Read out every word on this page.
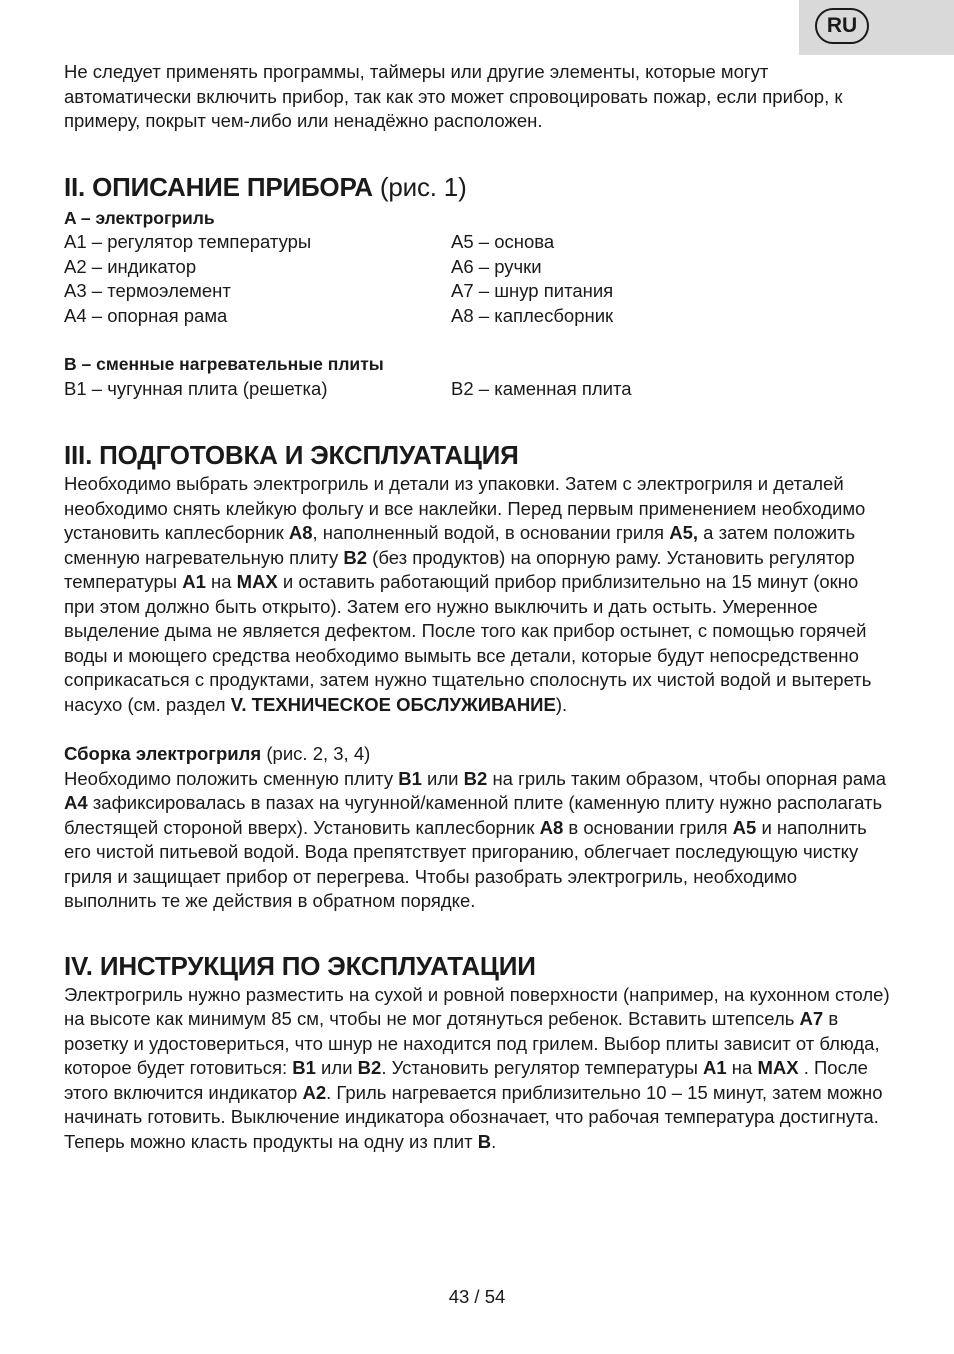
RU

Не следует применять программы, таймеры или другие элементы, которые могут автоматически включить прибор, так как это может спровоцировать пожар, если прибор, к примеру, покрыт чем-либо или ненадёжно расположен.

II. ОПИСАНИЕ ПРИБОРА (рис. 1)

A – электрогриль

A1 – регулятор температуры	A5 – основа
A2 – индикатор	A6 – ручки
A3 – термоэлемент	A7 – шнур питания
A4 – опорная рама	A8 – каплесборник

B – сменные нагревательные плиты

B1 – чугунная плита (решетка)	B2 – каменная плита
III. ПОДГОТОВКА И ЭКСПЛУАТАЦИЯ

Необходимо выбрать электрогриль и детали из упаковки. Затем с электрогриля и деталей необходимо снять клейкую фольгу и все наклейки. Перед первым применением необходимо установить каплесборник A8, наполненный водой, в основании гриля A5, а затем положить сменную нагревательную плиту B2 (без продуктов) на опорную раму. Установить регулятор температуры A1 на MAX и оставить работающий прибор приблизительно на 15 минут (окно при этом должно быть открыто). Затем его нужно выключить и дать остыть. Умеренное выделение дыма не является дефектом. После того как прибор остынет, с помощью горячей воды и моющего средства необходимо вымыть все детали, которые будут непосредственно соприкасаться с продуктами, затем нужно тщательно сполоснуть их чистой водой и вытереть насухо (см. раздел V. ТЕХНИЧЕСКОЕ ОБСЛУЖИВАНИЕ).

Сборка электрогриля (рис. 2, 3, 4)

Необходимо положить сменную плиту B1 или B2 на гриль таким образом, чтобы опорная рама A4 зафиксировалась в пазах на чугунной/каменной плите (каменную плиту нужно располагать блестящей стороной вверх). Установить каплесборник A8 в основании гриля A5 и наполнить его чистой питьевой водой. Вода препятствует пригоранию, облегчает последующую чистку гриля и защищает прибор от перегрева. Чтобы разобрать электрогриль, необходимо выполнить те же действия в обратном порядке.

IV. ИНСТРУКЦИЯ ПО ЭКСПЛУАТАЦИИ

Электрогриль нужно разместить на сухой и ровной поверхности (например, на кухонном столе) на высоте как минимум 85 см, чтобы не мог дотянуться ребенок. Вставить штепсель A7 в розетку и удостовериться, что шнур не находится под грилем. Выбор плиты зависит от блюда, которое будет готовиться: B1 или B2. Установить регулятор температуры A1 на MAX . После этого включится индикатор A2. Гриль нагревается приблизительно 10 – 15 минут, затем можно начинать готовить. Выключение индикатора обозначает, что рабочая температура достигнута. Теперь можно класть продукты на одну из плит B.

43 / 54
